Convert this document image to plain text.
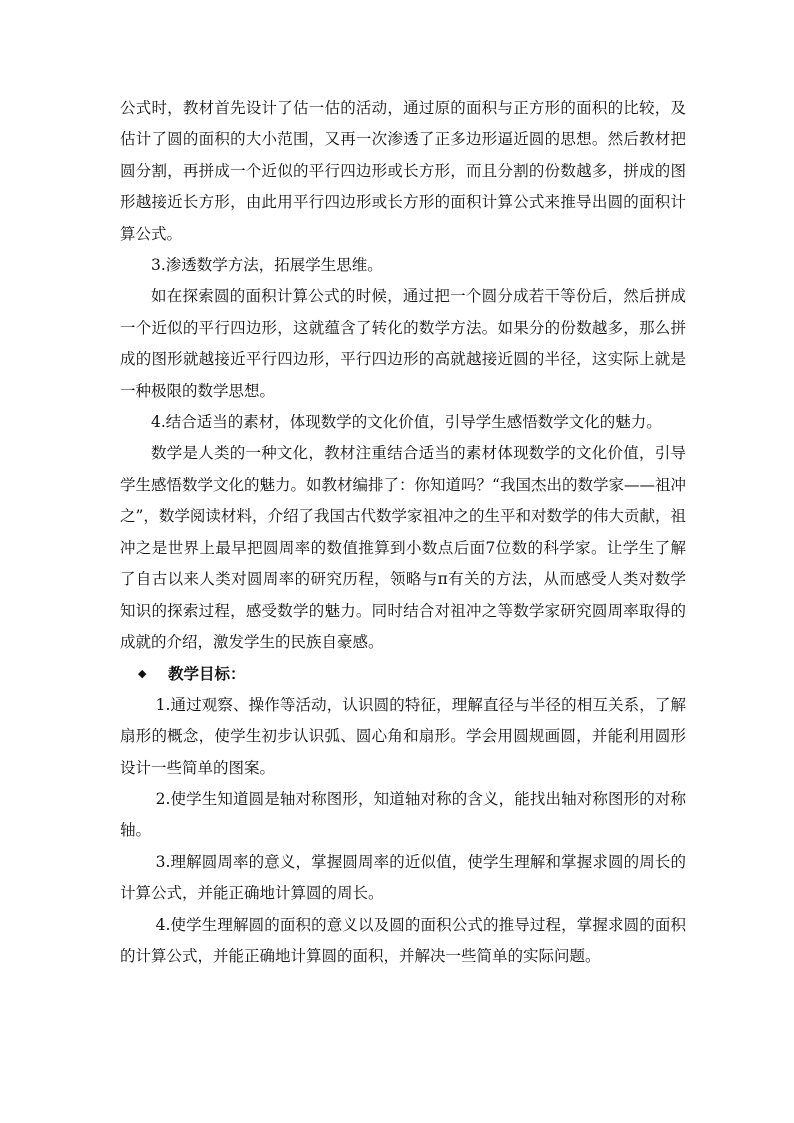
公式时，教材首先设计了估一估的活动，通过原的面积与正方形的面积的比较，及估计了圆的面积的大小范围，又再一次渗透了正多边形逼近圆的思想。然后教材把圆分割，再拼成一个近似的平行四边形或长方形，而且分割的份数越多，拼成的图形越接近长方形，由此用平行四边形或长方形的面积计算公式来推导出圆的面积计算公式。

3.渗透数学方法，拓展学生思维。

如在探索圆的面积计算公式的时候，通过把一个圆分成若干等份后，然后拼成一个近似的平行四边形，这就蕴含了转化的数学方法。如果分的份数越多，那么拼成的图形就越接近平行四边形，平行四边形的高就越接近圆的半径，这实际上就是一种极限的数学思想。

4.结合适当的素材，体现数学的文化价值，引导学生感悟数学文化的魅力。

数学是人类的一种文化，教材注重结合适当的素材体现数学的文化价值，引导学生感悟数学文化的魅力。如教材编排了：你知道吗？“我国杰出的数学家——祖冲之”，数学阅读材料，介绍了我国古代数学家祖冲之的生平和对数学的伟大贡献，祖冲之是世界上最早把圆周率的数值推算到小数点后面7位数的科学家。让学生了解了自古以来人类对圆周率的研究历程，领略与π有关的方法，从而感受人类对数学知识的探索过程，感受数学的魅力。同时结合对祖冲之等数学家研究圆周率取得的成就的介绍，激发学生的民族自豪感。

◆	教学目标：

1.通过观察、操作等活动，认识圆的特征，理解直径与半径的相互关系，了解扇形的概念，使学生初步认识弧、圆心角和扇形。学会用圆规画圆，并能利用圆形设计一些简单的图案。

2.使学生知道圆是轴对称图形，知道轴对称的含义，能找出轴对称图形的对称轴。

3.理解圆周率的意义，掌握圆周率的近似值，使学生理解和掌握求圆的周长的计算公式，并能正确地计算圆的周长。

4.使学生理解圆的面积的意义以及圆的面积公式的推导过程，掌握求圆的面积的计算公式，并能正确地计算圆的面积，并解决一些简单的实际问题。
